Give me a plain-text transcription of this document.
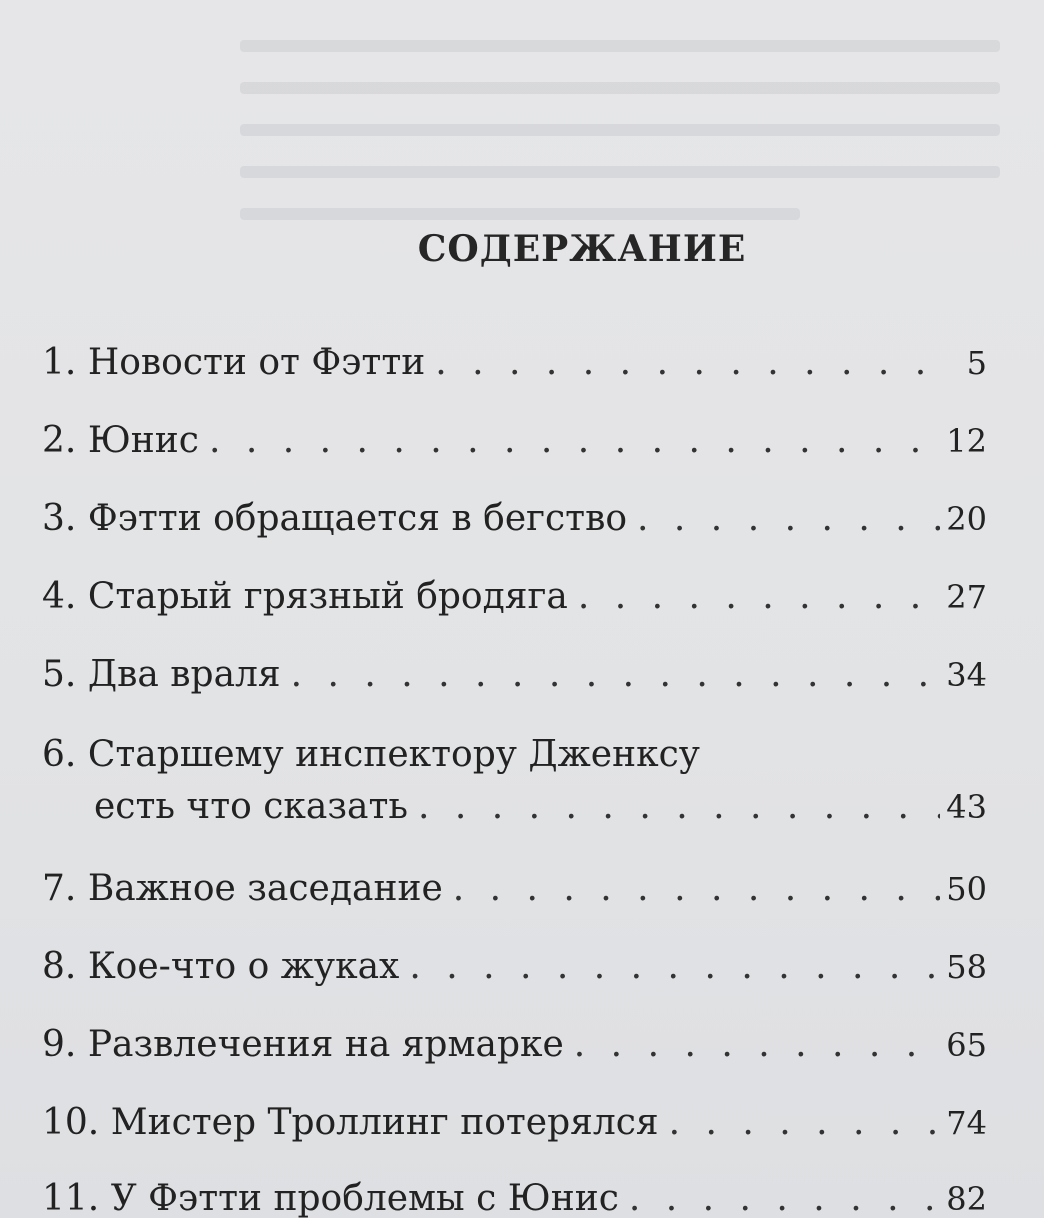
СОДЕРЖАНИЕ
1. Новости от Фэтти . . .	5
2. Юнис . . .	12
3. Фэтти обращается в бегство . . .	20
4. Старый грязный бродяга . . .	27
5. Два враля . . .	34
6. Старшему инспектору Дженксу
есть что сказать . . .	43
7. Важное заседание . . .	50
8. Кое-что о жуках . . .	58
9. Развлечения на ярмарке . . .	65
10. Мистер Троллинг потерялся . . .	74
11. У Фэтти проблемы с Юнис . . .	82
